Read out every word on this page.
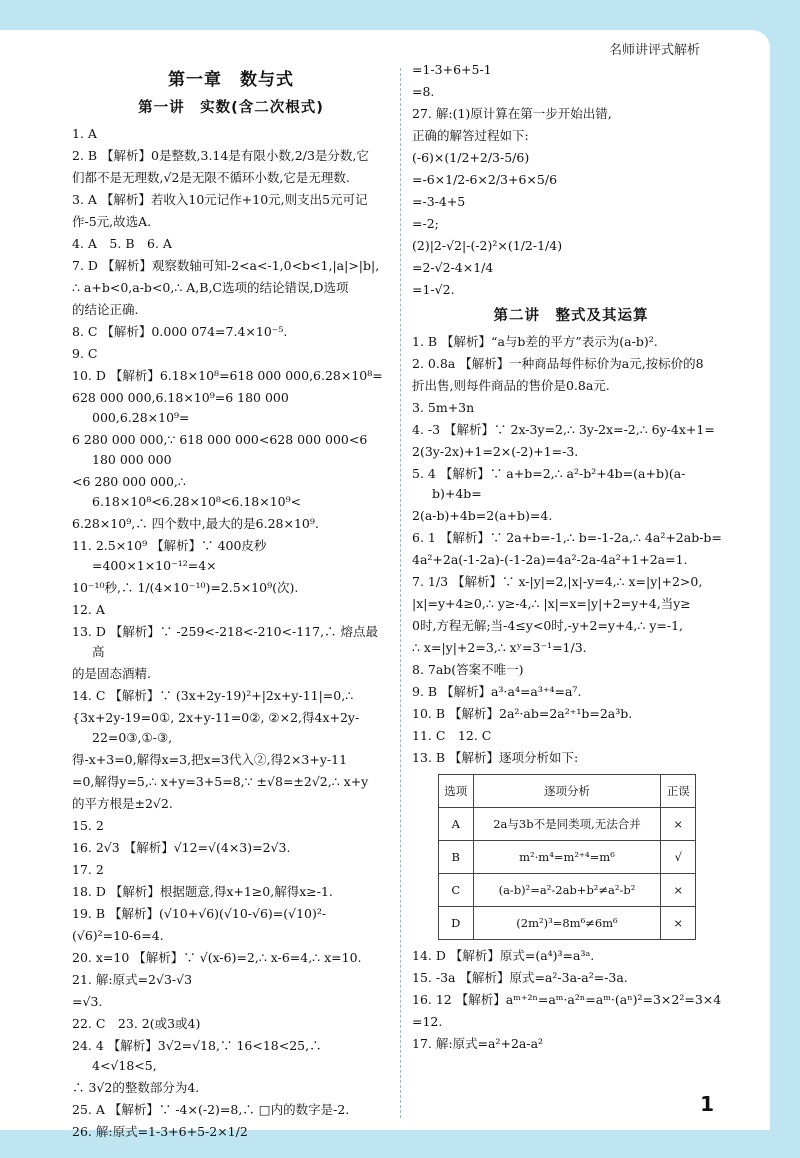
名师讲评式解析
第一章　数与式
第一讲　实数(含二次根式)

1. A

2. B 【解析】0是整数,3.14是有限小数,2/3是分数,它

们都不是无理数,√2是无限不循环小数,它是无理数.

3. A 【解析】若收入10元记作+10元,则支出5元可记

作-5元,故选A.

4. A　5. B　6. A

7. D 【解析】观察数轴可知-2<a<-1,0<b<1,|a|>|b|,

∴ a+b<0,a-b<0,∴ A,B,C选项的结论错误,D选项

的结论正确.

8. C 【解析】0.000 074=7.4×10⁻⁵.

9. C

10. D 【解析】6.18×10⁸=618 000 000,6.28×10⁸=

628 000 000,6.18×10⁹=6 180 000 000,6.28×10⁹=

6 280 000 000,∵ 618 000 000<628 000 000<6 180 000 000

<6 280 000 000,∴ 6.18×10⁸<6.28×10⁸<6.18×10⁹<

6.28×10⁹,∴ 四个数中,最大的是6.28×10⁹.

11. 2.5×10⁹ 【解析】∵ 400皮秒=400×1×10⁻¹²=4×

10⁻¹⁰秒,∴ 1/(4×10⁻¹⁰)=2.5×10⁹(次).

12. A

13. D 【解析】∵ -259<-218<-210<-117,∴ 熔点最高

的是固态酒精.

14. C 【解析】∵ (3x+2y-19)²+|2x+y-11|=0,∴

{3x+2y-19=0①, 2x+y-11=0②, ②×2,得4x+2y-22=0③,①-③,

得-x+3=0,解得x=3,把x=3代入②,得2×3+y-11

=0,解得y=5,∴ x+y=3+5=8,∵ ±√8=±2√2,∴ x+y

的平方根是±2√2.

15. 2

16. 2√3 【解析】√12=√(4×3)=2√3.

17. 2

18. D 【解析】根据题意,得x+1≥0,解得x≥-1.

19. B 【解析】(√10+√6)(√10-√6)=(√10)²-

(√6)²=10-6=4.

20. x=10 【解析】∵ √(x-6)=2,∴ x-6=4,∴ x=10.

21. 解:原式=2√3-√3

=√3.

22. C　23. 2(或3或4)

24. 4 【解析】3√2=√18,∵ 16<18<25,∴ 4<√18<5,

∴ 3√2的整数部分为4.

25. A 【解析】∵ -4×(-2)=8,∴ □内的数字是-2.

26. 解:原式=1-3+6+5-2×1/2

=1-3+6+5-1

=8.

27. 解:(1)原计算在第一步开始出错,

正确的解答过程如下:

(-6)×(1/2+2/3-5/6)

=-6×1/2-6×2/3+6×5/6

=-3-4+5

=-2;

(2)|2-√2|-(-2)²×(1/2-1/4)

=2-√2-4×1/4

=1-√2.

第二讲　整式及其运算

1. B 【解析】“a与b差的平方”表示为(a-b)².

2. 0.8a 【解析】一种商品每件标价为a元,按标价的8

折出售,则每件商品的售价是0.8a元.

3. 5m+3n

4. -3 【解析】∵ 2x-3y=2,∴ 3y-2x=-2,∴ 6y-4x+1=

2(3y-2x)+1=2×(-2)+1=-3.

5. 4 【解析】∵ a+b=2,∴ a²-b²+4b=(a+b)(a-b)+4b=

2(a-b)+4b=2(a+b)=4.

6. 1 【解析】∵ 2a+b=-1,∴ b=-1-2a,∴ 4a²+2ab-b=

4a²+2a(-1-2a)-(-1-2a)=4a²-2a-4a²+1+2a=1.

7. 1/3 【解析】∵ x-|y|=2,|x|-y=4,∴ x=|y|+2>0,

|x|=y+4≥0,∴ y≥-4,∴ |x|=x=|y|+2=y+4,当y≥

0时,方程无解;当-4≤y<0时,-y+2=y+4,∴ y=-1,

∴ x=|y|+2=3,∴ xʸ=3⁻¹=1/3.

8. 7ab(答案不唯一)

9. B 【解析】a³·a⁴=a³⁺⁴=a⁷.

10. B 【解析】2a²·ab=2a²⁺¹b=2a³b.

11. C　12. C

13. B 【解析】逐项分析如下:

选项	逐项分析	正误
A	2a与3b不是同类项,无法合并	×
B	m²·m⁴=m²⁺⁴=m⁶	√
C	(a-b)²=a²-2ab+b²≠a²-b²	×
D	(2m²)³=8m⁶≠6m⁶	×

14. D 【解析】原式=(a⁴)³=a³ᵃ.

15. -3a 【解析】原式=a²-3a-a²=-3a.

16. 12 【解析】aᵐ⁺²ⁿ=aᵐ·a²ⁿ=aᵐ·(aⁿ)²=3×2²=3×4

=12.

17. 解:原式=a²+2a-a²

1
